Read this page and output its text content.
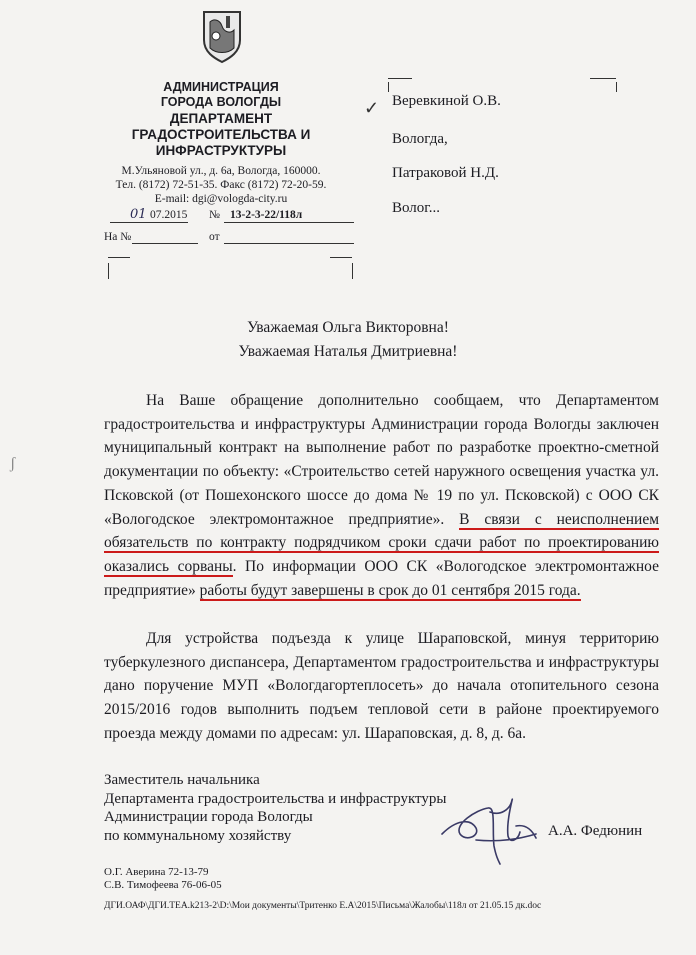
АДМИНИСТРАЦИЯ
ГОРОДА ВОЛОГДЫ
ДЕПАРТАМЕНТ
ГРАДОСТРОИТЕЛЬСТВА И
ИНФРАСТРУКТУРЫ
М.Ульяновой ул., д. 6а, Вологда, 160000.
Тел. (8172) 72-51-35. Факс (8172) 72-20-59.
E-mail: dgi@vologda-city.ru
01 07.2015 № 13-2-3-22/118л
На №	от
✓ Веревкиной О.В.
Вологда,
Патраковой Н.Д.
Волог...
Уважаемая Ольга Викторовна!
Уважаемая Наталья Дмитриевна!
На Ваше обращение дополнительно сообщаем, что Департаментом градостроительства и инфраструктуры Администрации города Вологды заключен муниципальный контракт на выполнение работ по разработке проектно-сметной документации по объекту: «Строительство сетей наружного освещения участка ул. Псковской (от Пошехонского шоссе до дома № 19 по ул. Псковской) с ООО СК «Вологодское электромонтажное предприятие». В связи с неисполнением обязательств по контракту подрядчиком сроки сдачи работ по проектированию оказались сорваны. По информации ООО СК «Вологодское электромонтажное предприятие» работы будут завершены в срок до 01 сентября 2015 года.
Для устройства подъезда к улице Шараповской, минуя территорию туберкулезного диспансера, Департаментом градостроительства и инфраструктуры дано поручение МУП «Вологдагортеплосеть» до начала отопительного сезона 2015/2016 годов выполнить подъем тепловой сети в районе проектируемого проезда между домами по адресам: ул. Шараповская, д. 8, д. 6а.
ʃ
Заместитель начальника
Департамента градостроительства и инфраструктуры
Администрации города Вологды
по коммунальному хозяйству	А.А. Федюнин
О.Г. Аверина 72-13-79
С.В. Тимофеева 76-06-05
ДГИ.ОАФ\ДГИ.ТЕА.k213-2\D:\Мои документы\Тритенко Е.А\2015\Письма\Жалобы\118л от 21.05.15 дк.doc
